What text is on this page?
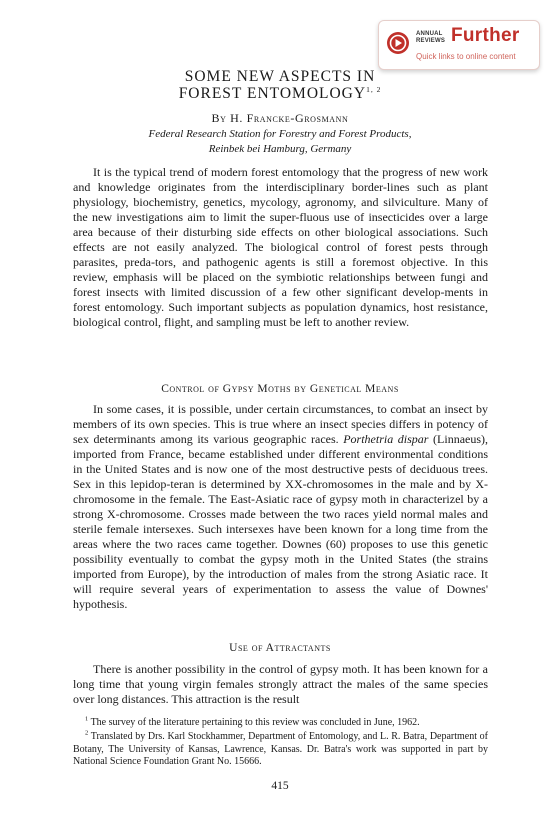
ANNUAL
REVIEWS Further
Quick links to online content
SOME NEW ASPECTS IN
FOREST ENTOMOLOGY$^{1, 2}$
By H. Francke-Grosmann
Federal Research Station for Forestry and Forest Products,
Reinbek bei Hamburg, Germany

It is the typical trend of modern forest entomology that the progress of new work and knowledge originates from the interdisciplinary border-lines such as plant physiology, biochemistry, genetics, mycology, agronomy, and silviculture. Many of the new investigations aim to limit the super-fluous use of insecticides over a large area because of their disturbing side effects on other biological associations. Such effects are not easily analyzed. The biological control of forest pests through parasites, preda-tors, and pathogenic agents is still a foremost objective. In this review, emphasis will be placed on the symbiotic relationships between fungi and forest insects with limited discussion of a few other significant develop-ments in forest entomology. Such important subjects as population dynamics, host resistance, biological control, flight, and sampling must be left to another review.

Control of Gypsy Moths by Genetical Means

In some cases, it is possible, under certain circumstances, to combat an insect by members of its own species. This is true where an insect species differs in potency of sex determinants among its various geographic races. Porthetria dispar (Linnaeus), imported from France, became established under different environmental conditions in the United States and is now one of the most destructive pests of deciduous trees. Sex in this lepidop-teran is determined by XX-chromosomes in the male and by X-chromosome in the female. The East-Asiatic race of gypsy moth in characterizel by a strong X-chromosome. Crosses made between the two races yield normal males and sterile female intersexes. Such intersexes have been known for a long time from the areas where the two races came together. Downes (60) proposes to use this genetic possibility eventually to combat the gypsy moth in the United States (the strains imported from Europe), by the introduction of males from the strong Asiatic race. It will require several years of experimentation to assess the value of Downes' hypothesis.

Use of Attractants

There is another possibility in the control of gypsy moth. It has been known for a long time that young virgin females strongly attract the males of the same species over long distances. This attraction is the result

$^1$ The survey of the literature pertaining to this review was concluded in June, 1962.

$^2$ Translated by Drs. Karl Stockhammer, Department of Entomology, and L. R. Batra, Department of Botany, The University of Kansas, Lawrence, Kansas. Dr. Batra's work was supported in part by National Science Foundation Grant No. 15666.

415
